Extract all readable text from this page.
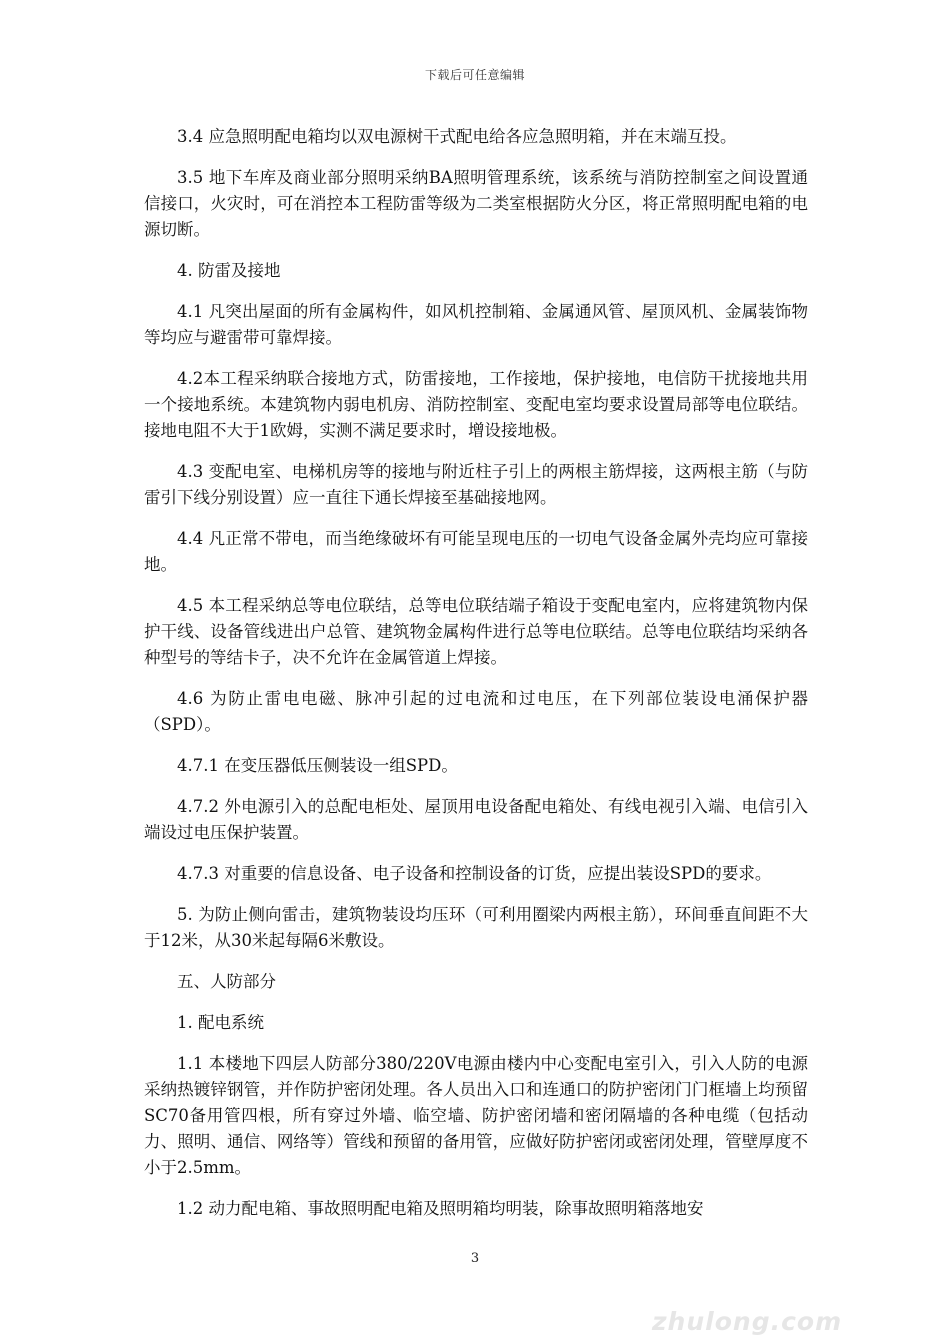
下载后可任意编辑

3.4 应急照明配电箱均以双电源树干式配电给各应急照明箱，并在末端互投。

3.5 地下车库及商业部分照明采纳BA照明管理系统，该系统与消防控制室之间设置通信接口，火灾时，可在消控本工程防雷等级为二类室根据防火分区，将正常照明配电箱的电源切断。

4. 防雷及接地

4.1 凡突出屋面的所有金属构件，如风机控制箱、金属通风管、屋顶风机、金属装饰物等均应与避雷带可靠焊接。

4.2本工程采纳联合接地方式，防雷接地，工作接地，保护接地，电信防干扰接地共用一个接地系统。本建筑物内弱电机房、消防控制室、变配电室均要求设置局部等电位联结。接地电阻不大于1欧姆，实测不满足要求时，增设接地极。

4.3 变配电室、电梯机房等的接地与附近柱子引上的两根主筋焊接，这两根主筋（与防雷引下线分别设置）应一直往下通长焊接至基础接地网。

4.4 凡正常不带电，而当绝缘破坏有可能呈现电压的一切电气设备金属外壳均应可靠接地。

4.5 本工程采纳总等电位联结，总等电位联结端子箱设于变配电室内，应将建筑物内保护干线、设备管线进出户总管、建筑物金属构件进行总等电位联结。总等电位联结均采纳各种型号的等结卡子，决不允许在金属管道上焊接。

4.6 为防止雷电电磁、脉冲引起的过电流和过电压，在下列部位装设电涌保护器（SPD）。

4.7.1 在变压器低压侧装设一组SPD。

4.7.2 外电源引入的总配电柜处、屋顶用电设备配电箱处、有线电视引入端、电信引入端设过电压保护装置。

4.7.3 对重要的信息设备、电子设备和控制设备的订货，应提出装设SPD的要求。

5. 为防止侧向雷击，建筑物装设均压环（可利用圈梁内两根主筋），环间垂直间距不大于12米，从30米起每隔6米敷设。

五、人防部分

1. 配电系统

1.1 本楼地下四层人防部分380/220V电源由楼内中心变配电室引入，引入人防的电源采纳热镀锌钢管，并作防护密闭处理。各人员出入口和连通口的防护密闭门门框墙上均预留SC70备用管四根，所有穿过外墙、临空墙、防护密闭墙和密闭隔墙的各种电缆（包括动力、照明、通信、网络等）管线和预留的备用管，应做好防护密闭或密闭处理，管壁厚度不小于2.5mm。

1.2 动力配电箱、事故照明配电箱及照明箱均明装，除事故照明箱落地安

3
zhulong.com
